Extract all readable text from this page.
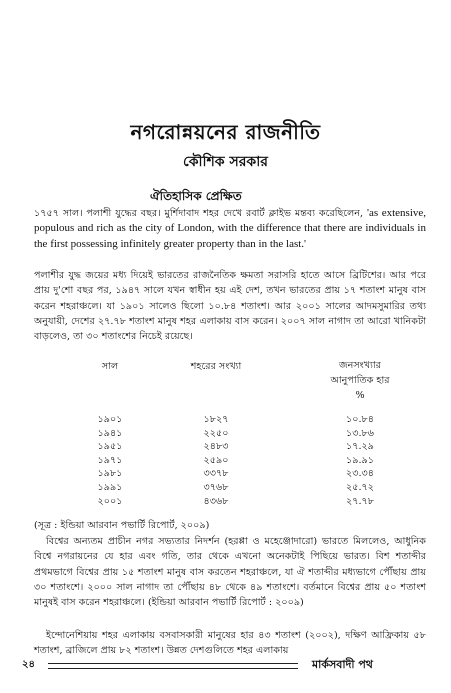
নগরোন্নয়নের রাজনীতি
কৌশিক সরকার
ঐতিহাসিক প্রেক্ষিত

১৭৫৭ সাল। পলাশী যুদ্ধের বছর। মুর্শিদাবাদ শহর দেখে রবার্ট ক্লাইভ মন্তব্য করেছিলেন, 'as extensive, populous and rich as the city of London, with the difference that there are individuals in the first possessing infinitely greater property than in the last.'

পলাশীর যুদ্ধ জয়ের মধ্য দিয়েই ভারতের রাজনৈতিক ক্ষমতা সরাসরি হাতে আসে ব্রিটিশের। আর পরে প্রায় দু'শো বছর পর, ১৯৪৭ সালে যখন স্বাধীন হয় এই দেশ, তখন ভারতের প্রায় ১৭ শতাংশ মানুষ বাস করেন শহরাঞ্চলে। যা ১৯০১ সালেও ছিলো ১০.৮৪ শতাংশ। আর ২০০১ সালের আদমসুমারির তথ্য অনুযায়ী, দেশের ২৭.৭৮ শতাংশ মানুষ শহর এলাকায় বাস করেন। ২০০৭ সাল নাগাদ তা আরো খানিকটা বাড়লেও, তা ৩০ শতাংশের নিচেই রয়েছে।

সাল	শহরের সংখ্যা	জনসংখ্যার
আনুপাতিক হার
%
১৯০১	১৮২৭	১০.৮৪
১৯৪১	২২৫০	১৩.৮৬
১৯৫১	২৪৮৩	১৭.২৯
১৯৭১	২৫৯০	১৯.৯১
১৯৮১	৩৩৭৮	২৩.৩৪
১৯৯১	৩৭৬৮	২৫.৭২
২০০১	৪৩৬৮	২৭.৭৮
(সূত্র : ইন্ডিয়া আরবান পভার্টি রিপোর্ট, ২০০৯)

বিশ্বের অন্যতম প্রাচীন নগর সভ্যতার নিদর্শন (হরপ্পা ও মহেঞ্জোদারো) ভারতে মিললেও, আধুনিক বিশ্বে নগরায়নের যে হার এবং গতি, তার থেকে এখনো অনেকটাই পিছিয়ে ভারত। বিশ শতাব্দীর প্রথমভাগে বিশ্বের প্রায় ১৫ শতাংশ মানুষ বাস করতেন শহরাঞ্চলে, যা ঐ শতাব্দীর মধ্যভাগে পৌঁছায় প্রায় ৩০ শতাংশে। ২০০০ সাল নাগাদ তা পৌঁছায় ৪৮ থেকে ৪৯ শতাংশে। বর্তমানে বিশ্বের প্রায় ৫০ শতাংশ মানুষই বাস করেন শহরাঞ্চলে। (ইন্ডিয়া আরবান পভার্টি রিপোর্ট : ২০০৯)

ইন্দোনেশিয়ায় শহর এলাকায় বসবাসকারী মানুষের হার ৪৩ শতাংশ (২০০২), দক্ষিণ আফ্রিকায় ৫৮ শতাংশ, ব্রাজিলে প্রায় ৮২ শতাংশ। উন্নত দেশগুলিতে শহর এলাকায়

২৪	মার্কসবাদী পথ
